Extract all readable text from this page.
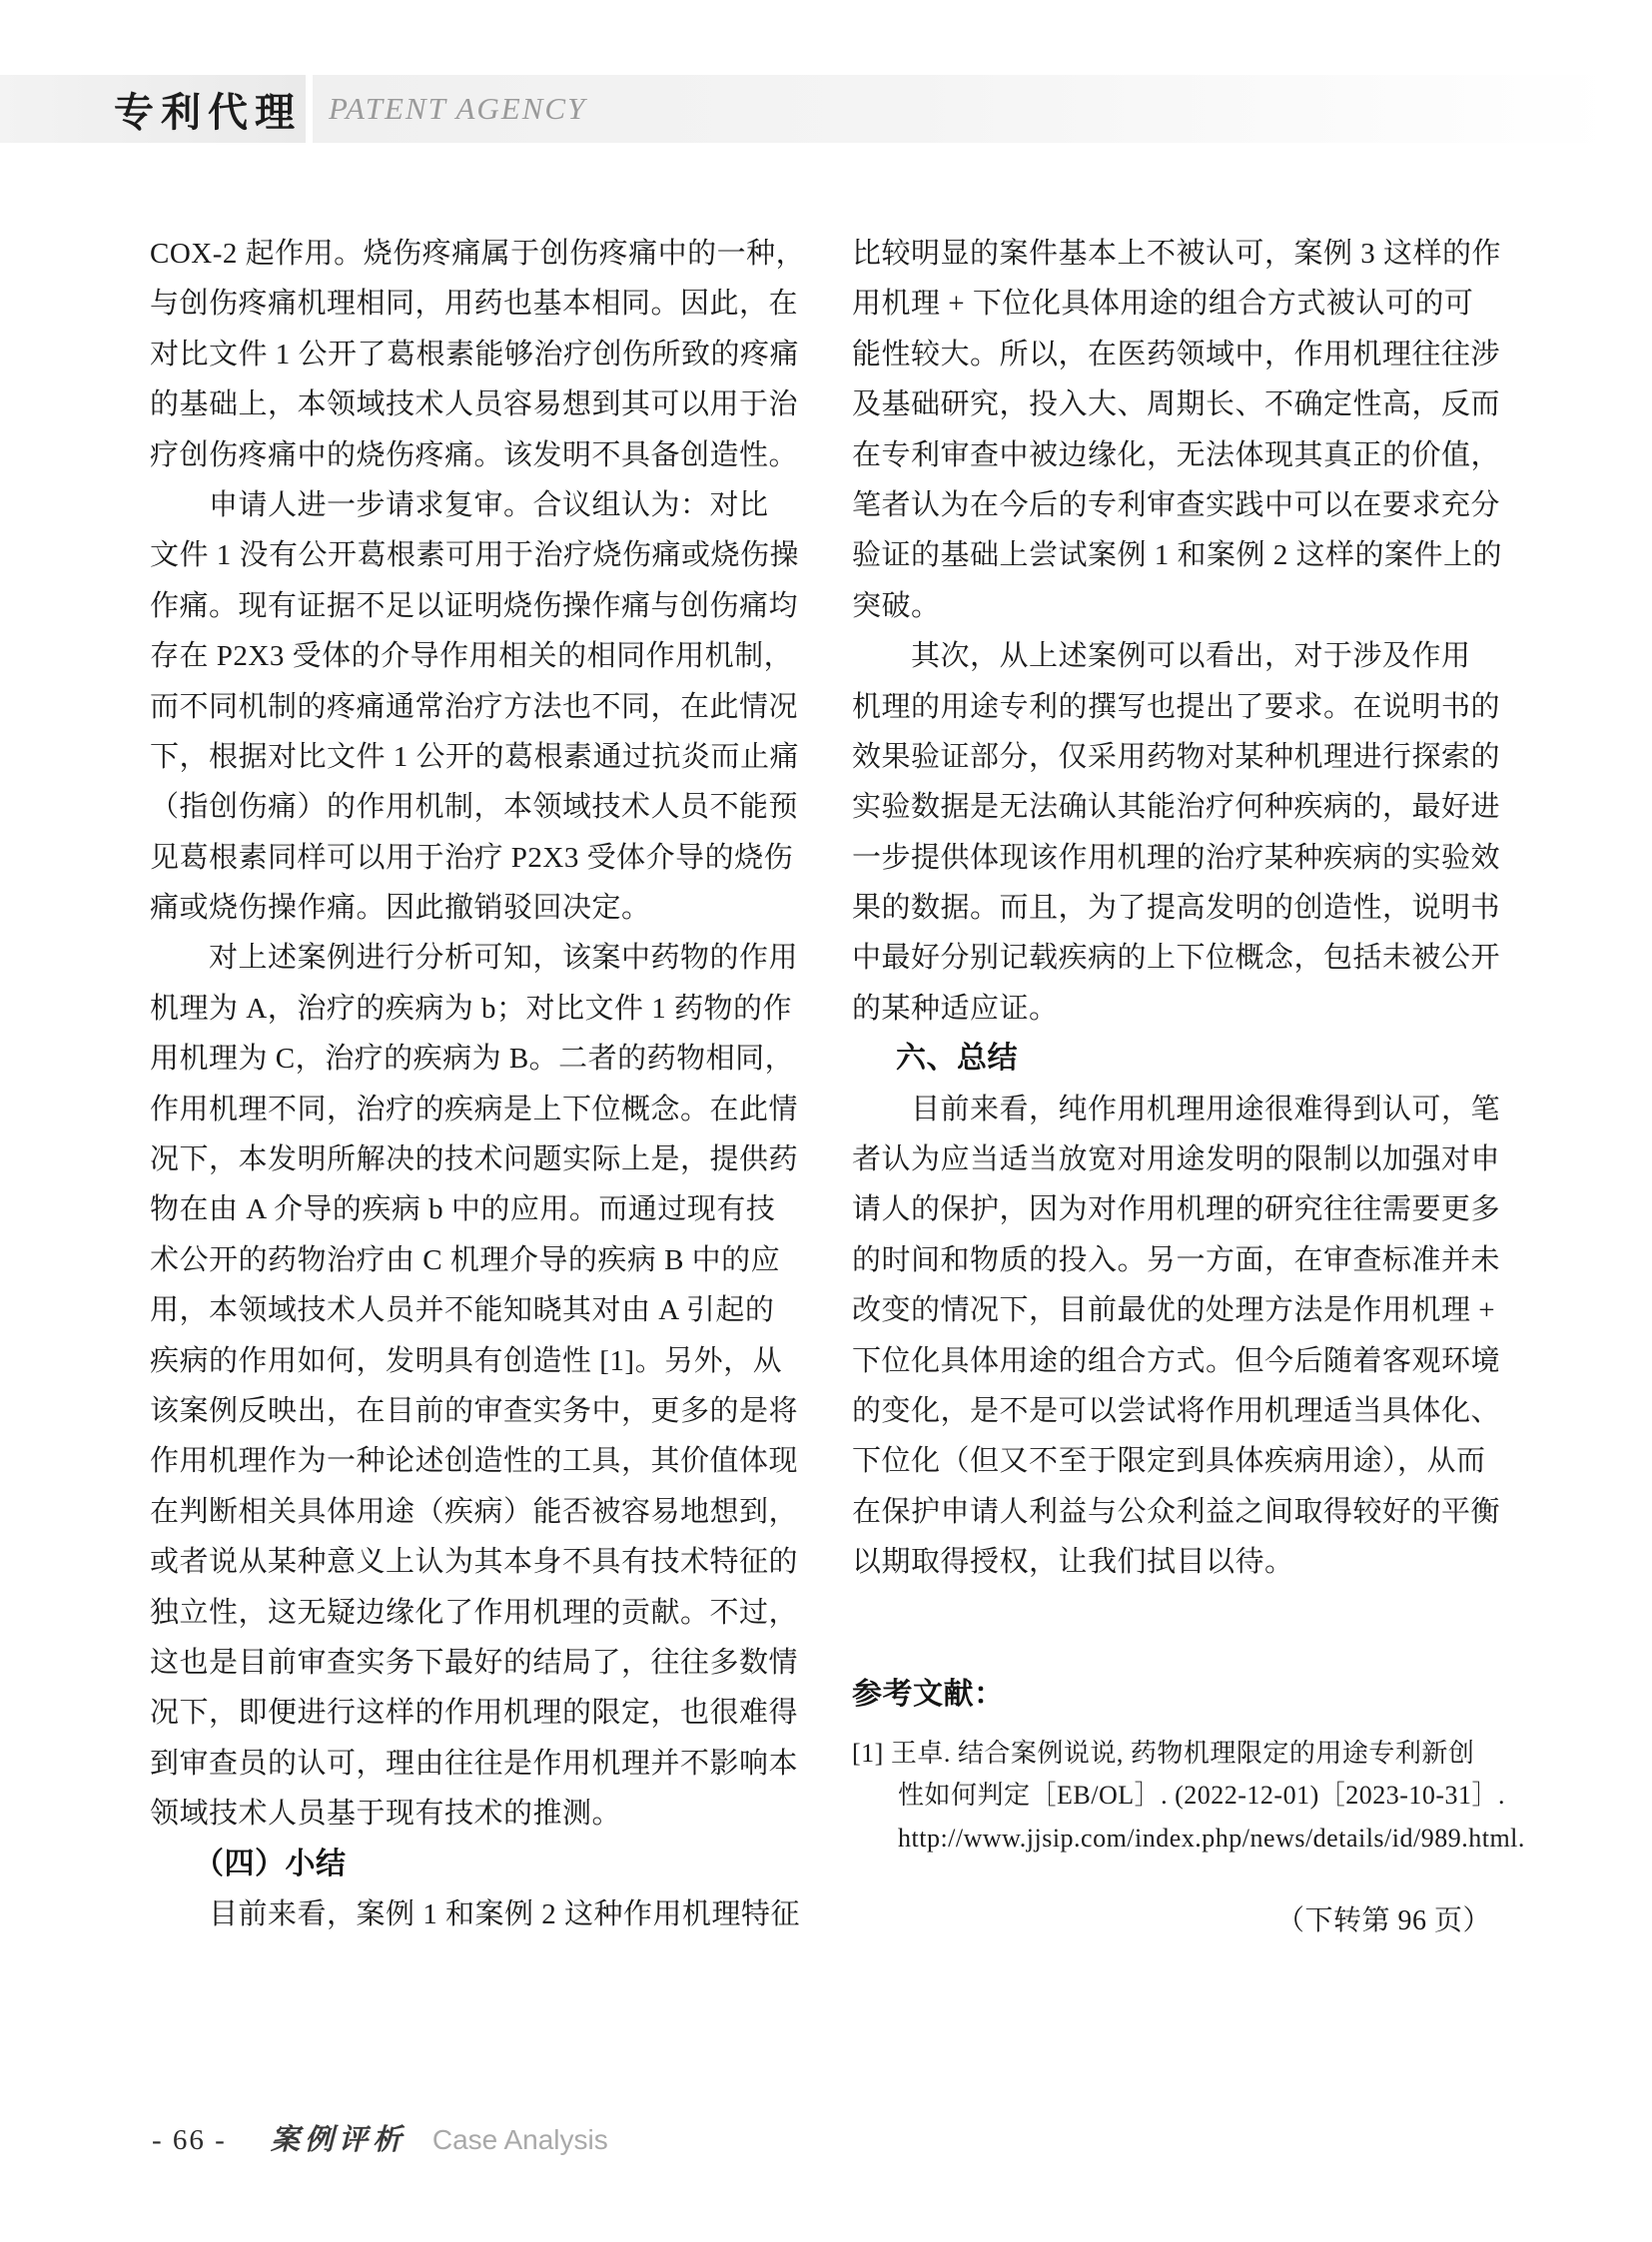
专利代理 PATENT AGENCY
COX-2 起作用。烧伤疼痛属于创伤疼痛中的一种，
与创伤疼痛机理相同，用药也基本相同。因此，在
对比文件 1 公开了葛根素能够治疗创伤所致的疼痛
的基础上，本领域技术人员容易想到其可以用于治
疗创伤疼痛中的烧伤疼痛。该发明不具备创造性。
　　申请人进一步请求复审。合议组认为：对比
文件 1 没有公开葛根素可用于治疗烧伤痛或烧伤操
作痛。现有证据不足以证明烧伤操作痛与创伤痛均
存在 P2X3 受体的介导作用相关的相同作用机制，
而不同机制的疼痛通常治疗方法也不同，在此情况
下，根据对比文件 1 公开的葛根素通过抗炎而止痛
（指创伤痛）的作用机制，本领域技术人员不能预
见葛根素同样可以用于治疗 P2X3 受体介导的烧伤
痛或烧伤操作痛。因此撤销驳回决定。
　　对上述案例进行分析可知，该案中药物的作用
机理为 A，治疗的疾病为 b；对比文件 1 药物的作
用机理为 C，治疗的疾病为 B。二者的药物相同，
作用机理不同，治疗的疾病是上下位概念。在此情
况下，本发明所解决的技术问题实际上是，提供药
物在由 A 介导的疾病 b 中的应用。而通过现有技
术公开的药物治疗由 C 机理介导的疾病 B 中的应
用，本领域技术人员并不能知晓其对由 A 引起的
疾病的作用如何，发明具有创造性 [1]。另外，从
该案例反映出，在目前的审查实务中，更多的是将
作用机理作为一种论述创造性的工具，其价值体现
在判断相关具体用途（疾病）能否被容易地想到，
或者说从某种意义上认为其本身不具有技术特征的
独立性，这无疑边缘化了作用机理的贡献。不过，
这也是目前审查实务下最好的结局了，往往多数情
况下，即便进行这样的作用机理的限定，也很难得
到审查员的认可，理由往往是作用机理并不影响本
领域技术人员基于现有技术的推测。
（四）小结
　　目前来看，案例 1 和案例 2 这种作用机理特征
比较明显的案件基本上不被认可，案例 3 这样的作
用机理 + 下位化具体用途的组合方式被认可的可
能性较大。所以，在医药领域中，作用机理往往涉
及基础研究，投入大、周期长、不确定性高，反而
在专利审查中被边缘化，无法体现其真正的价值，
笔者认为在今后的专利审查实践中可以在要求充分
验证的基础上尝试案例 1 和案例 2 这样的案件上的
突破。
　　其次，从上述案例可以看出，对于涉及作用
机理的用途专利的撰写也提出了要求。在说明书的
效果验证部分，仅采用药物对某种机理进行探索的
实验数据是无法确认其能治疗何种疾病的，最好进
一步提供体现该作用机理的治疗某种疾病的实验效
果的数据。而且，为了提高发明的创造性，说明书
中最好分别记载疾病的上下位概念，包括未被公开
的某种适应证。
六、总结
　　目前来看，纯作用机理用途很难得到认可，笔
者认为应当适当放宽对用途发明的限制以加强对申
请人的保护，因为对作用机理的研究往往需要更多
的时间和物质的投入。另一方面，在审查标准并未
改变的情况下，目前最优的处理方法是作用机理 +
下位化具体用途的组合方式。但今后随着客观环境
的变化，是不是可以尝试将作用机理适当具体化、
下位化（但又不至于限定到具体疾病用途），从而
在保护申请人利益与公众利益之间取得较好的平衡
以期取得授权，让我们拭目以待。
参考文献：
[1] 王卓. 结合案例说说, 药物机理限定的用途专利新创
性如何判定［EB/OL］. (2022-12-01)［2023-10-31］.
http://www.jjsip.com/index.php/news/details/id/989.html.
（下转第 96 页）
- 66 - 案例评析 Case Analysis
